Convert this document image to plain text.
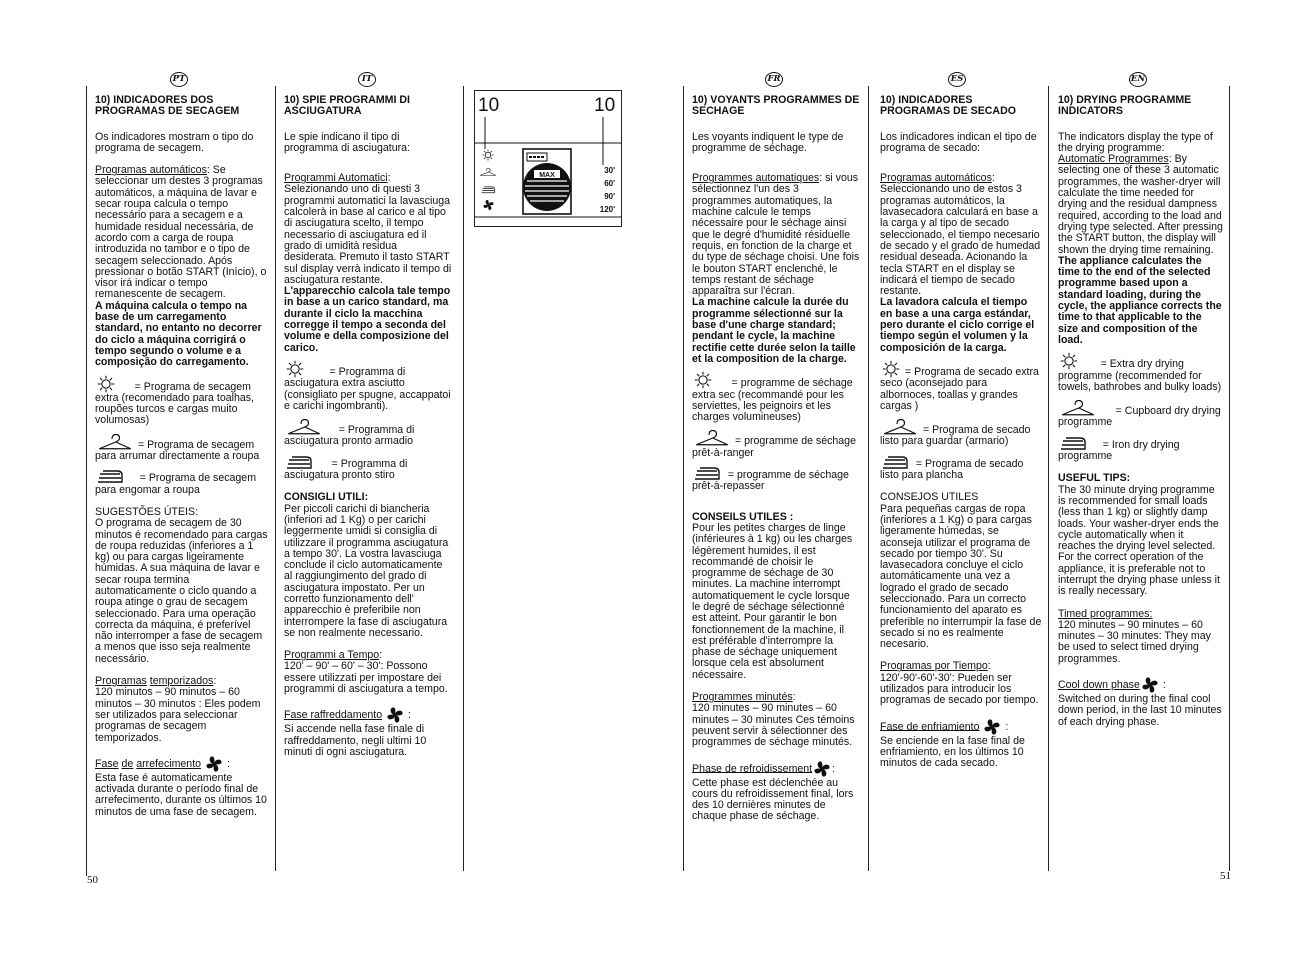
PT	IT	FR	ES	EN
50	51

10) INDICADORES DOS PROGRAMAS DE SECAGEM

Os indicadores mostram o tipo do programa de secagem.

Programas automáticos: Se seleccionar um destes 3 programas automáticos, a máquina de lavar e secar roupa calcula o tempo necessário para a secagem e a humidade residual necessária, de acordo com a carga de roupa introduzida no tambor e o tipo de secagem seleccionado. Após pressionar o botão START (Início), o visor irá indicar o tempo remanescente de secagem.

A máquina calcula o tempo na base de um carregamento standard, no entanto no decorrer do ciclo a máquina corrigirá o tempo segundo o volume e a composição do carregamento.

= Programa de secagem extra (recomendado para toalhas, roupões turcos e cargas muito volumosas)

= Programa de secagem para arrumar directamente a roupa

= Programa de secagem para engomar a roupa

SUGESTÕES ÚTEIS:

O programa de secagem de 30 minutos é recomendado para cargas de roupa reduzidas (inferiores a 1 kg) ou para cargas ligeiramente húmidas. A sua máquina de lavar e secar roupa termina automaticamente o ciclo quando a roupa atinge o grau de secagem seleccionado. Para uma operação correcta da máquina, é preferível não interromper a fase de secagem a menos que isso seja realmente necessário.

Programas temporizados:

120 minutos – 90 minutos – 60 minutos – 30 minutos : Eles podem ser utilizados para seleccionar programas de secagem temporizados.

Fase de arrefecimento  :

Esta fase é automaticamente activada durante o período final de arrefecimento, durante os últimos 10 minutos de uma fase de secagem.

10) SPIE PROGRAMMI DI ASCIUGATURA

Le spie indicano il tipo di programma di asciugatura:

Programmi Automatici: Selezionando uno di questi 3 programmi automatici la lavasciuga calcolerà in base al carico e al tipo di asciugatura scelto, il tempo necessario di asciugatura ed il grado di umidità residua desiderata. Premuto il tasto START sul display verrà indicato il tempo di asciugatura restante.

L'apparecchio calcola tale tempo in base a un carico standard, ma durante il ciclo la macchina corregge il tempo a seconda del volume e della composizione del carico.

= Programma di asciugatura extra asciutto (consigliato per spugne, accappatoi e carichi ingombranti).

= Programma di asciugatura pronto armadio

= Programma di asciugatura pronto stiro

CONSIGLI UTILI:

Per piccoli carichi di biancheria (inferiori ad 1 Kg) o per carichi leggermente umidi si consiglia di utilizzare il programma asciugatura a tempo 30'. La vostra lavasciuga conclude il ciclo automaticamente al raggiungimento del grado di asciugatura impostato. Per un corretto funzionamento dell' apparecchio è preferibile non interrompere la fase di asciugatura se non realmente necessario.

Programmi a Tempo:

120' – 90' – 60' – 30': Possono essere utilizzati per impostare dei programmi di asciugatura a tempo.

Fase raffreddamento  :

Si accende nella fase finale di raffreddamento, negli ultimi 10 minuti di ogni asciugatura.

10	10
MAX
30'
60'
90'
120'

10) VOYANTS PROGRAMMES DE SECHAGE

Les voyants indiquent le type de programme de séchage.

Programmes automatiques: si vous sélectionnez l'un des 3 programmes automatiques, la machine calcule le temps nécessaire pour le séchage ainsi que le degré d'humidité résiduelle requis, en fonction de la charge et du type de séchage choisi. Une fois le bouton START enclenché, le temps restant de séchage apparaîtra sur l'écran.

La machine calcule la durée du programme sélectionné sur la base d'une charge standard; pendant le cycle, la machine rectifie cette durée selon la taille et la composition de la charge.

= programme de séchage extra sec (recommandé pour les serviettes, les peignoirs et les charges volumineuses)

= programme de séchage prêt-à-ranger

= programme de séchage prêt-à-repasser

CONSEILS UTILES :

Pour les petites charges de linge (inférieures à 1 kg) ou les charges légèrement humides, il est recommandé de choisir le programme de séchage de 30 minutes. La machine interrompt automatiquement le cycle lorsque le degré de séchage sélectionné est atteint. Pour garantir le bon fonctionnement de la machine, il est préférable d'interrompre la phase de séchage uniquement lorsque cela est absolument nécessaire.

Programmes minutés:

120 minutes – 90 minutes – 60 minutes – 30 minutes Ces témoins peuvent servir à sélectionner des programmes de séchage minutés.

Phase de refroidissement :

Cette phase est déclenchée au cours du refroidissement final, lors des 10 dernières minutes de chaque phase de séchage.

10) INDICADORES PROGRAMAS DE SECADO

Los indicadores indican el tipo de programa de secado:

Programas automáticos: Seleccionando uno de estos 3 programas automáticos, la lavasecadora calculará en base a la carga y al tipo de secado seleccionado, el tiempo necesario de secado y el grado de humedad residual deseada. Acionando la tecla START en el display se indicará el tiempo de secado restante.

La lavadora calcula el tiempo en base a una carga estándar, pero durante el ciclo corrige el tiempo según el volumen y la composición de la carga.

= Programa de secado extra seco (aconsejado para albornoces, toallas y grandes cargas )

= Programa de secado listo para guardar (armario)

= Programa de secado listo para plancha

CONSEJOS UTILES

Para pequeñas cargas de ropa (inferiores a 1 Kg) o para cargas ligeramente húmedas, se aconseja utilizar el programa de secado por tiempo 30'. Su lavasecadora concluye el ciclo automáticamente una vez a logrado el grado de secado seleccionado. Para un correcto funcionamiento del aparato es preferible no interrumpir la fase de secado si no es realmente necesario.

Programas por Tiempo:

120'-90'-60'-30': Pueden ser utilizados para introducir los programas de secado por tiempo.

Fase de enfriamiento  :

Se enciende en la fase final de enfriamiento, en los últimos 10 minutos de cada secado.

10) DRYING PROGRAMME INDICATORS

The indicators display the type of the drying programme:

Automatic Programmes: By selecting one of these 3 automatic programmes, the washer-dryer will calculate the time needed for drying and the residual dampness required, according to the load and drying type selected. After pressing the START button, the display will shown the drying time remaining.

The appliance calculates the time to the end of the selected programme based upon a standard loading, during the cycle, the appliance corrects the time to that applicable to the size and composition of the load.

= Extra dry drying programme (recommended for towels, bathrobes and bulky loads)

= Cupboard dry drying programme

= Iron dry drying programme

USEFUL TIPS:

The 30 minute drying programme is recommended for small loads (less than 1 kg) or slightly damp loads. Your washer-dryer ends the cycle automatically when it reaches the drying level selected. For the correct operation of the appliance, it is preferable not to interrupt the drying phase unless it is really necessary.

Timed programmes:

120 minutes – 90 minutes – 60 minutes – 30 minutes: They may be used to select timed drying programmes.

Cool down phase :

Switched on during the final cool down period, in the last 10 minutes of each drying phase.
